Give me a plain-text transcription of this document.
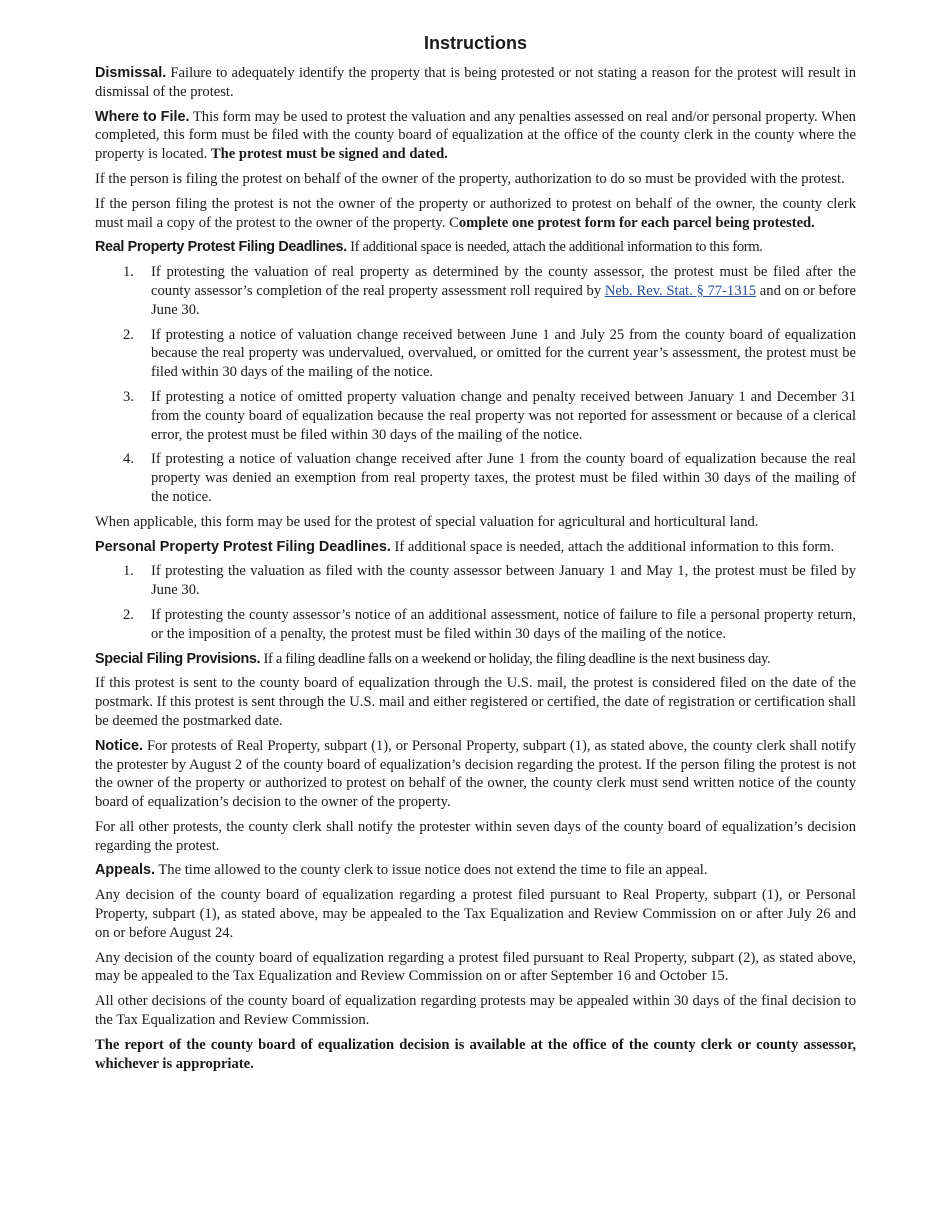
Instructions

Dismissal. Failure to adequately identify the property that is being protested or not stating a reason for the protest will result in dismissal of the protest.

Where to File. This form may be used to protest the valuation and any penalties assessed on real and/or personal property. When completed, this form must be filed with the county board of equalization at the office of the county clerk in the county where the property is located. The protest must be signed and dated.

If the person is filing the protest on behalf of the owner of the property, authorization to do so must be provided with the protest.

If the person filing the protest is not the owner of the property or authorized to protest on behalf of the owner, the county clerk must mail a copy of the protest to the owner of the property. Complete one protest form for each parcel being protested.

Real Property Protest Filing Deadlines. If additional space is needed, attach the additional information to this form.

1. If protesting the valuation of real property as determined by the county assessor, the protest must be filed after the county assessor’s completion of the real property assessment roll required by Neb. Rev. Stat. § 77-1315 and on or before June 30.
2. If protesting a notice of valuation change received between June 1 and July 25 from the county board of equalization because the real property was undervalued, overvalued, or omitted for the current year’s assessment, the protest must be filed within 30 days of the mailing of the notice.
3. If protesting a notice of omitted property valuation change and penalty received between January 1 and December 31 from the county board of equalization because the real property was not reported for assessment or because of a clerical error, the protest must be filed within 30 days of the mailing of the notice.
4. If protesting a notice of valuation change received after June 1 from the county board of equalization because the real property was denied an exemption from real property taxes, the protest must be filed within 30 days of the mailing of the notice.

When applicable, this form may be used for the protest of special valuation for agricultural and horticultural land.

Personal Property Protest Filing Deadlines. If additional space is needed, attach the additional information to this form.

1. If protesting the valuation as filed with the county assessor between January 1 and May 1, the protest must be filed by June 30.
2. If protesting the county assessor’s notice of an additional assessment, notice of failure to file a personal property return, or the imposition of a penalty, the protest must be filed within 30 days of the mailing of the notice.

Special Filing Provisions. If a filing deadline falls on a weekend or holiday, the filing deadline is the next business day.

If this protest is sent to the county board of equalization through the U.S. mail, the protest is considered filed on the date of the postmark. If this protest is sent through the U.S. mail and either registered or certified, the date of registration or certification shall be deemed the postmarked date.

Notice. For protests of Real Property, subpart (1), or Personal Property, subpart (1), as stated above, the county clerk shall notify the protester by August 2 of the county board of equalization’s decision regarding the protest. If the person filing the protest is not the owner of the property or authorized to protest on behalf of the owner, the county clerk must send written notice of the county board of equalization’s decision to the owner of the property.

For all other protests, the county clerk shall notify the protester within seven days of the county board of equalization’s decision regarding the protest.

Appeals. The time allowed to the county clerk to issue notice does not extend the time to file an appeal.

Any decision of the county board of equalization regarding a protest filed pursuant to Real Property, subpart (1), or Personal Property, subpart (1), as stated above, may be appealed to the Tax Equalization and Review Commission on or after July 26 and on or before August 24.

Any decision of the county board of equalization regarding a protest filed pursuant to Real Property, subpart (2), as stated above, may be appealed to the Tax Equalization and Review Commission on or after September 16 and October 15.

All other decisions of the county board of equalization regarding protests may be appealed within 30 days of the final decision to the Tax Equalization and Review Commission.

The report of the county board of equalization decision is available at the office of the county clerk or county assessor, whichever is appropriate.
